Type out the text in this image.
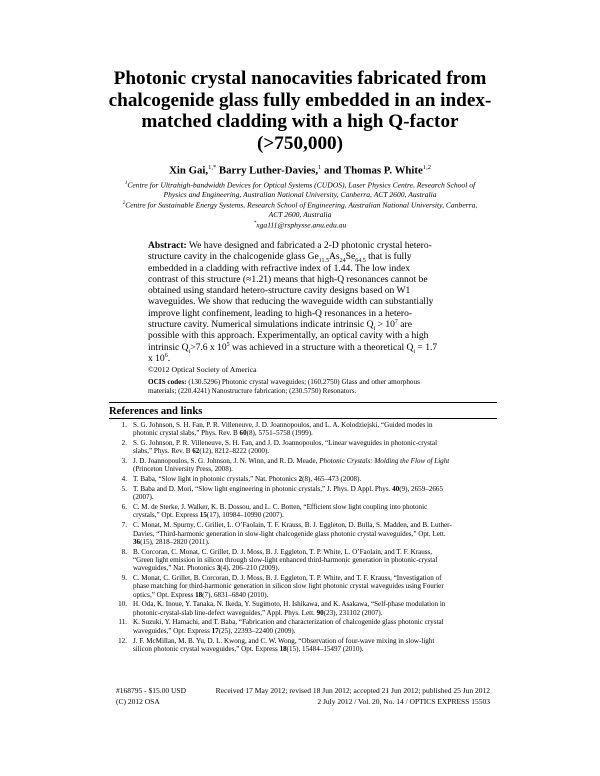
Photonic crystal nanocavities fabricated from
chalcogenide glass fully embedded in an index-
matched cladding with a high Q-factor
(>750,000)
Xin Gai,$^{1,*}$ Barry Luther-Davies,$^1$ and Thomas P. White$^{1,2}$
$^1$Centre for Ultrahigh-bandwidth Devices for Optical Systems (CUDOS), Laser Physics Centre, Research School of
Physics and Engineering, Australian National University, Canberra, ACT 2600, Australia
$^2$Centre for Sustainable Energy Systems, Research School of Engineering, Australian National University, Canberra,
ACT 2600, Australia
*xga111@rsphysse.anu.edu.au
Abstract: We have designed and fabricated a 2-D photonic crystal hetero-
structure cavity in the chalcogenide glass $Ge_{11.5}As_{24}Se_{64.5}$ that is fully
embedded in a cladding with refractive index of 1.44. The low index
contrast of this structure (≈1.21) means that high-Q resonances cannot be
obtained using standard hetero-structure cavity designs based on W1
waveguides. We show that reducing the waveguide width can substantially
improve light confinement, leading to high-Q resonances in a hetero-
structure cavity. Numerical simulations indicate intrinsic $Q_i > 10^7$ are
possible with this approach. Experimentally, an optical cavity with a high
intrinsic $Q_i>7.6$ x $10^5$ was achieved in a structure with a theoretical $Q_i = 1.7$
x $10^6$.
©2012 Optical Society of America
OCIS codes: (130.5296) Photonic crystal waveguides; (160.2750) Glass and other amorphous
materials; (220.4241) Nanostructure fabrication; (230.5750) Resonators.
References and links
1. S. G. Johnson, S. H. Fan, P. R. Villeneuve, J. D. Joannopoulos, and L. A. Kolodziejski, “Guided modes in
photonic crystal slabs,” Phys. Rev. B 60(8), 5751–5758 (1999).
2. S. G. Johnson, P. R. Villeneuve, S. H. Fan, and J. D. Joannopoulos, “Linear waveguides in photonic-crystal
slabs,” Phys. Rev. B 62(12), 8212–8222 (2000).
3. J. D. Joannopoulos, S. G. Johnson, J. N. Winn, and R. D. Meade, Photonic Crystals: Molding the Flow of Light
(Princeton University Press, 2008).
4. T. Baba, “Slow light in photonic crystals,” Nat. Photonics 2(8), 465–473 (2008).
5. T. Baba and D. Mori, “Slow light engineering in photonic crystals,” J. Phys. D Appl. Phys. 40(9), 2659–2665
(2007).
6. C. M. de Sterke, J. Walker, K. B. Dossou, and L. C. Botten, “Efficient slow light coupling into photonic
crystals,” Opt. Express 15(17), 10984–10990 (2007).
7. C. Monat, M. Spurny, C. Grillet, L. O’Faolain, T. F. Krauss, B. J. Eggleton, D. Bulla, S. Madden, and B. Luther-
Davies, “Third-harmonic generation in slow-light chalcogenide glass photonic crystal waveguides,” Opt. Lett.
36(15), 2818–2820 (2011).
8. B. Corcoran, C. Monat, C. Grillet, D. J. Moss, B. J. Eggleton, T. P. White, L. O’Faolain, and T. F. Krauss,
“Green light emission in silicon through slow-light enhanced third-harmonic generation in photonic-crystal
waveguides,” Nat. Photonics 3(4), 206–210 (2009).
9. C. Monat, C. Grillet, B. Corcoran, D. J. Moss, B. J. Eggleton, T. P. White, and T. F. Krauss, “Investigation of
phase matching for third-harmonic generation in silicon slow light photonic crystal waveguides using Fourier
optics,” Opt. Express 18(7), 6831–6840 (2010).
10. H. Oda, K. Inoue, Y. Tanaka, N. Ikeda, Y. Sugimoto, H. Ishikawa, and K. Asakawa, “Self-phase modulation in
photonic-crystal-slab line-defect waveguides,” Appl. Phys. Lett. 90(23), 231102 (2007).
11. K. Suzuki, Y. Hamachi, and T. Baba, “Fabrication and characterization of chalcogenide glass photonic crystal
waveguides,” Opt. Express 17(25), 22393–22400 (2009).
12. J. F. McMillan, M. B. Yu, D. L. Kwong, and C. W. Wong, “Observation of four-wave mixing in slow-light
silicon photonic crystal waveguides,” Opt. Express 18(15), 15484–15497 (2010).
#168795 - $15.00 USD
(C) 2012 OSA
Received 17 May 2012; revised 18 Jun 2012; accepted 21 Jun 2012; published 25 Jun 2012
2 July 2012 / Vol. 20, No. 14 / OPTICS EXPRESS 15503
